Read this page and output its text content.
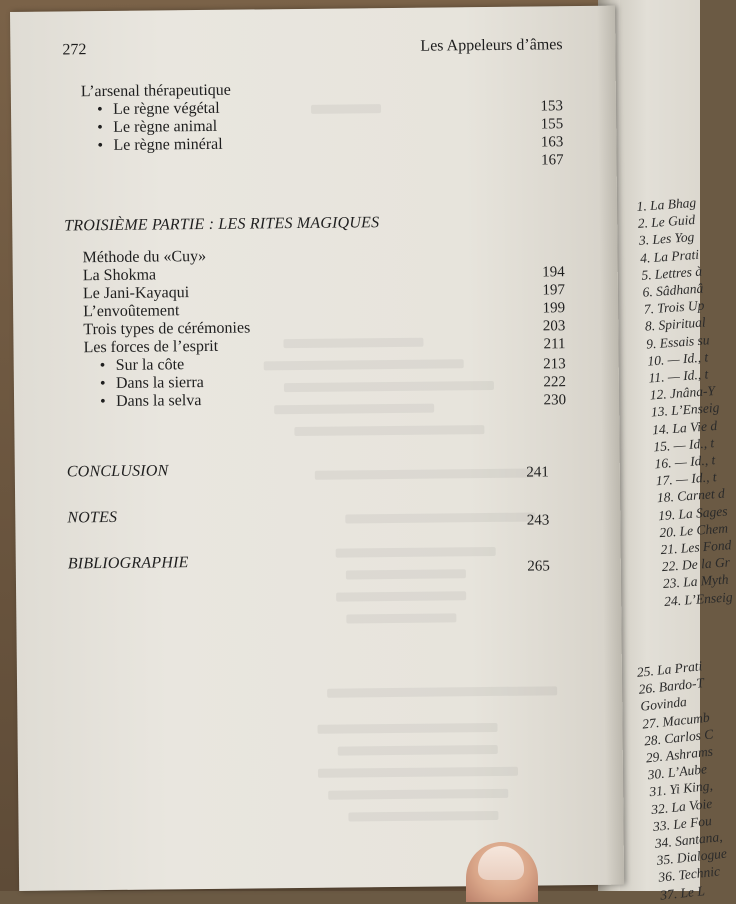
1. La Bhag
2. Le Guid
3. Les Yog
4. La Prati
5. Lettres à
6. Sâdhanâ
7. Trois Up
8. Spiritual
9. Essais su
10. — Id., t
11. — Id., t
12. Jnâna-Y
13. L’Enseig
14. La Vie d
15. — Id., t
16. — Id., t
17. — Id., t
18. Carnet d
19. La Sages
20. Le Chem
21. Les Fond
22. De la Gr
23. La Myth
24. L’Enseig
25. La Prati
26. Bardo-T
Govinda
27. Macumb
28. Carlos C
29. Ashrams
30. L’Aube
31. Yi King,
32. La Voie
33. Le Fou
34. Santana,
35. Dialogue
36. Technic
37. Le L
272	Les Appeleurs d’âmes
L’arsenal thérapeutique
• Le règne végétal	153
• Le règne animal	155
• Le règne minéral	163
167
TROISIÈME PARTIE : LES RITES MAGIQUES
Méthode du «Cuy»
La Shokma	194
Le Jani-Kayaqui	197
L’envoûtement	199
Trois types de cérémonies	203
Les forces de l’esprit	211
• Sur la côte	213
• Dans la sierra	222
• Dans la selva	230
CONCLUSION	241
NOTES	243
BIBLIOGRAPHIE	265
